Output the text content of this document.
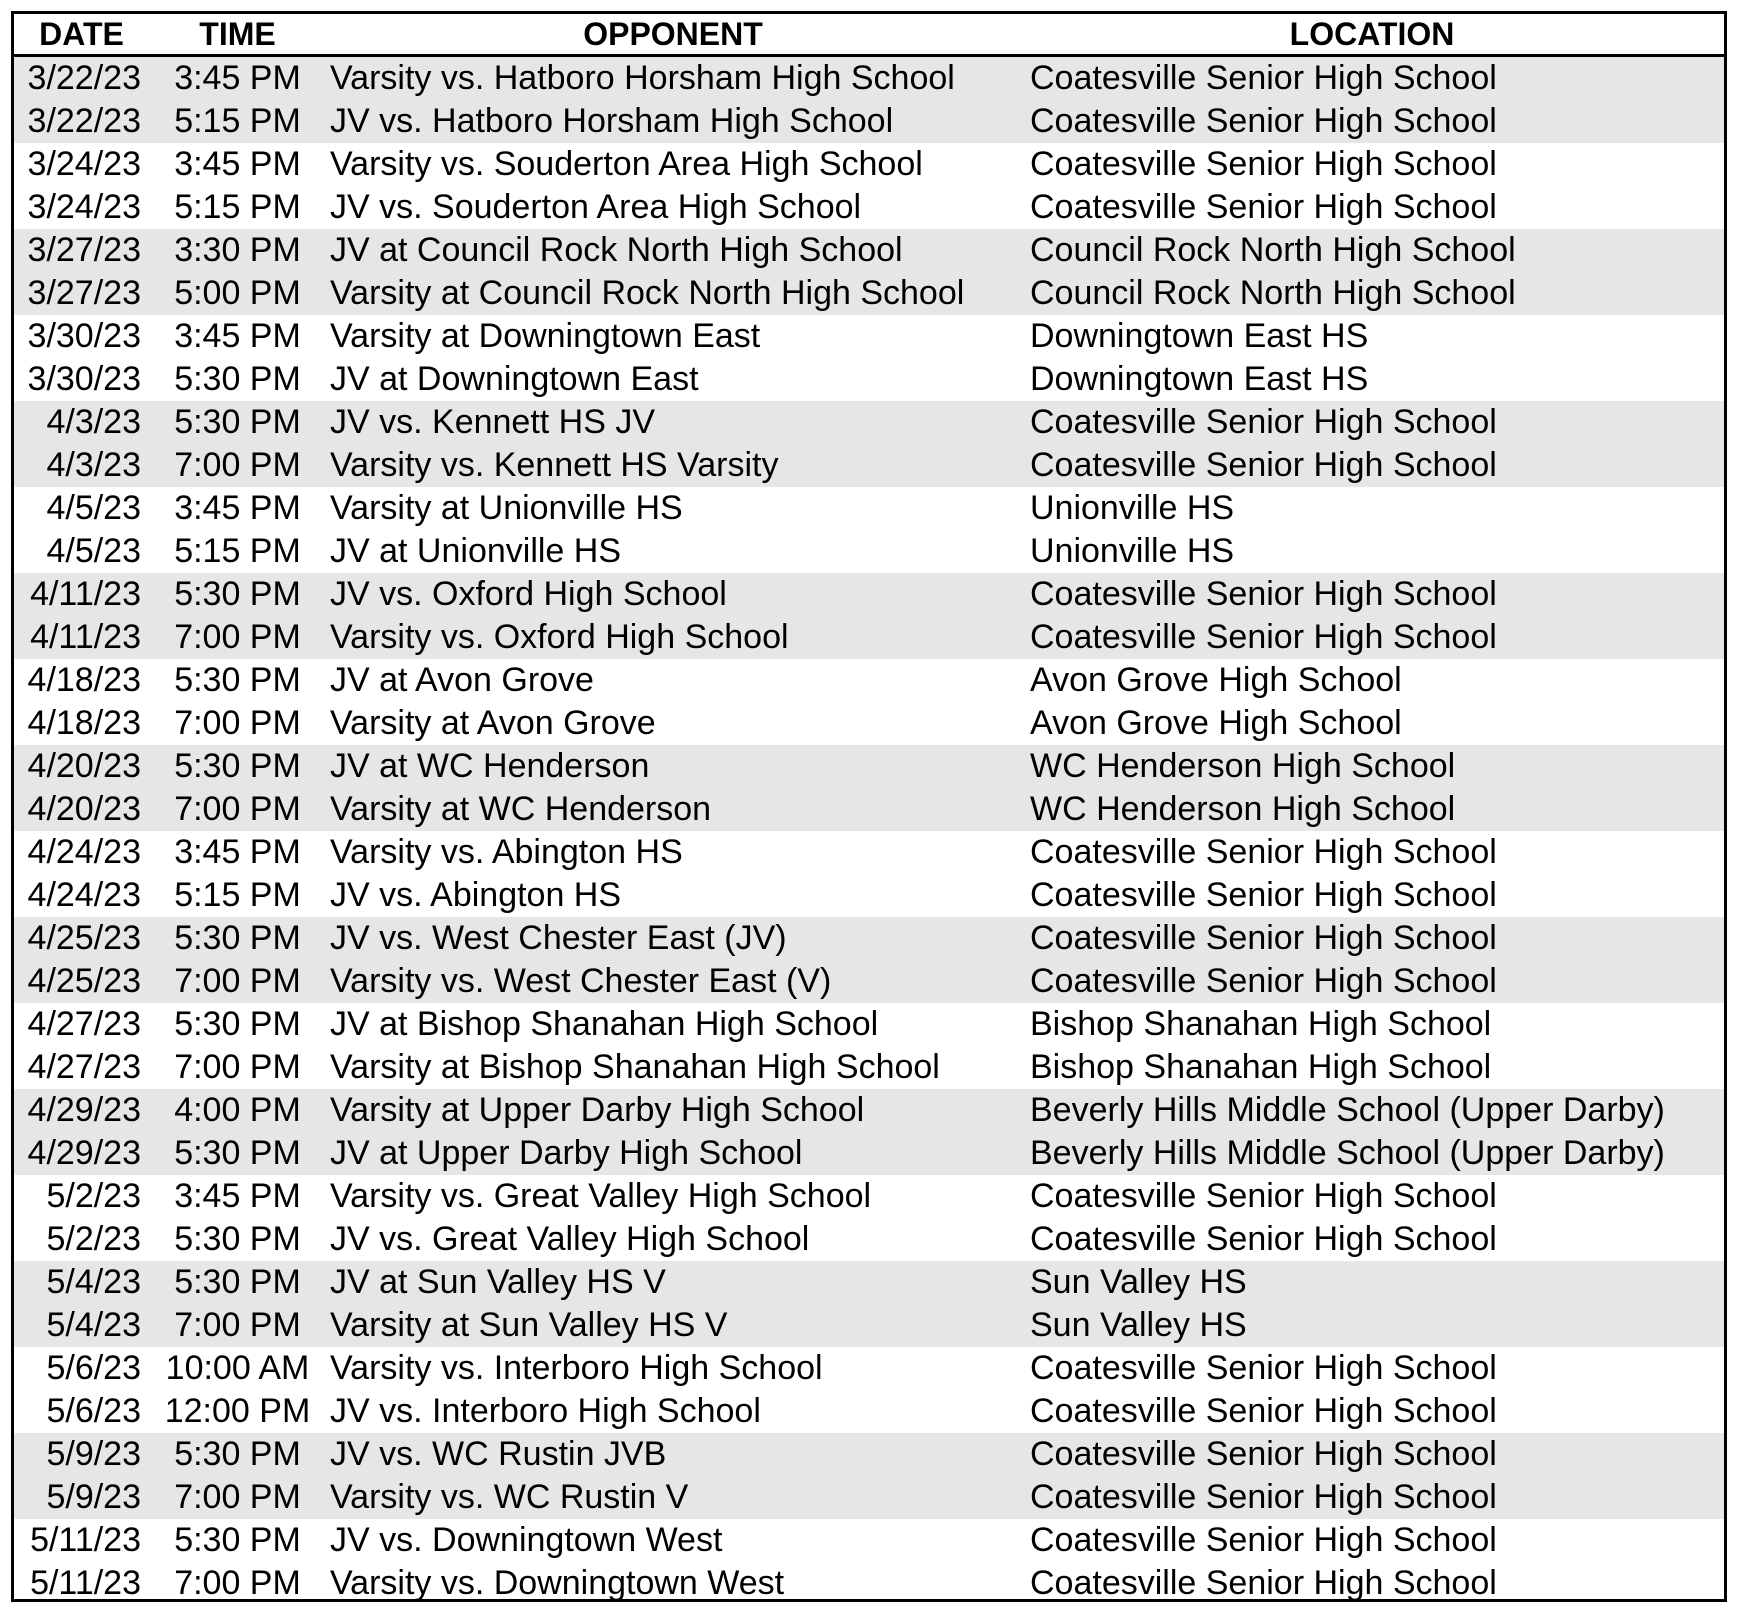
DATE	TIME	OPPONENT	LOCATION
3/22/23	3:45 PM	Varsity vs. Hatboro Horsham High School	Coatesville Senior High School
3/22/23	5:15 PM	JV vs. Hatboro Horsham High School	Coatesville Senior High School
3/24/23	3:45 PM	Varsity vs. Souderton Area High School	Coatesville Senior High School
3/24/23	5:15 PM	JV vs. Souderton Area High School	Coatesville Senior High School
3/27/23	3:30 PM	JV at Council Rock North High School	Council Rock North High School
3/27/23	5:00 PM	Varsity at Council Rock North High School	Council Rock North High School
3/30/23	3:45 PM	Varsity at Downingtown East	Downingtown East HS
3/30/23	5:30 PM	JV at Downingtown East	Downingtown East HS
4/3/23	5:30 PM	JV vs. Kennett HS JV	Coatesville Senior High School
4/3/23	7:00 PM	Varsity vs. Kennett HS Varsity	Coatesville Senior High School
4/5/23	3:45 PM	Varsity at Unionville HS	Unionville HS
4/5/23	5:15 PM	JV at Unionville HS	Unionville HS
4/11/23	5:30 PM	JV vs. Oxford High School	Coatesville Senior High School
4/11/23	7:00 PM	Varsity vs. Oxford High School	Coatesville Senior High School
4/18/23	5:30 PM	JV at Avon Grove	Avon Grove High School
4/18/23	7:00 PM	Varsity at Avon Grove	Avon Grove High School
4/20/23	5:30 PM	JV at WC Henderson	WC Henderson High School
4/20/23	7:00 PM	Varsity at WC Henderson	WC Henderson High School
4/24/23	3:45 PM	Varsity vs. Abington HS	Coatesville Senior High School
4/24/23	5:15 PM	JV vs. Abington HS	Coatesville Senior High School
4/25/23	5:30 PM	JV vs. West Chester East (JV)	Coatesville Senior High School
4/25/23	7:00 PM	Varsity vs. West Chester East (V)	Coatesville Senior High School
4/27/23	5:30 PM	JV at Bishop Shanahan High School	Bishop Shanahan High School
4/27/23	7:00 PM	Varsity at Bishop Shanahan High School	Bishop Shanahan High School
4/29/23	4:00 PM	Varsity at Upper Darby High School	Beverly Hills Middle School (Upper Darby)
4/29/23	5:30 PM	JV at Upper Darby High School	Beverly Hills Middle School (Upper Darby)
5/2/23	3:45 PM	Varsity vs. Great Valley High School	Coatesville Senior High School
5/2/23	5:30 PM	JV vs. Great Valley High School	Coatesville Senior High School
5/4/23	5:30 PM	JV at Sun Valley HS V	Sun Valley HS
5/4/23	7:00 PM	Varsity at Sun Valley HS V	Sun Valley HS
5/6/23	10:00 AM	Varsity vs. Interboro High School	Coatesville Senior High School
5/6/23	12:00 PM	JV vs. Interboro High School	Coatesville Senior High School
5/9/23	5:30 PM	JV vs. WC Rustin JVB	Coatesville Senior High School
5/9/23	7:00 PM	Varsity vs. WC Rustin V	Coatesville Senior High School
5/11/23	5:30 PM	JV vs. Downingtown West	Coatesville Senior High School
5/11/23	7:00 PM	Varsity vs. Downingtown West	Coatesville Senior High School
